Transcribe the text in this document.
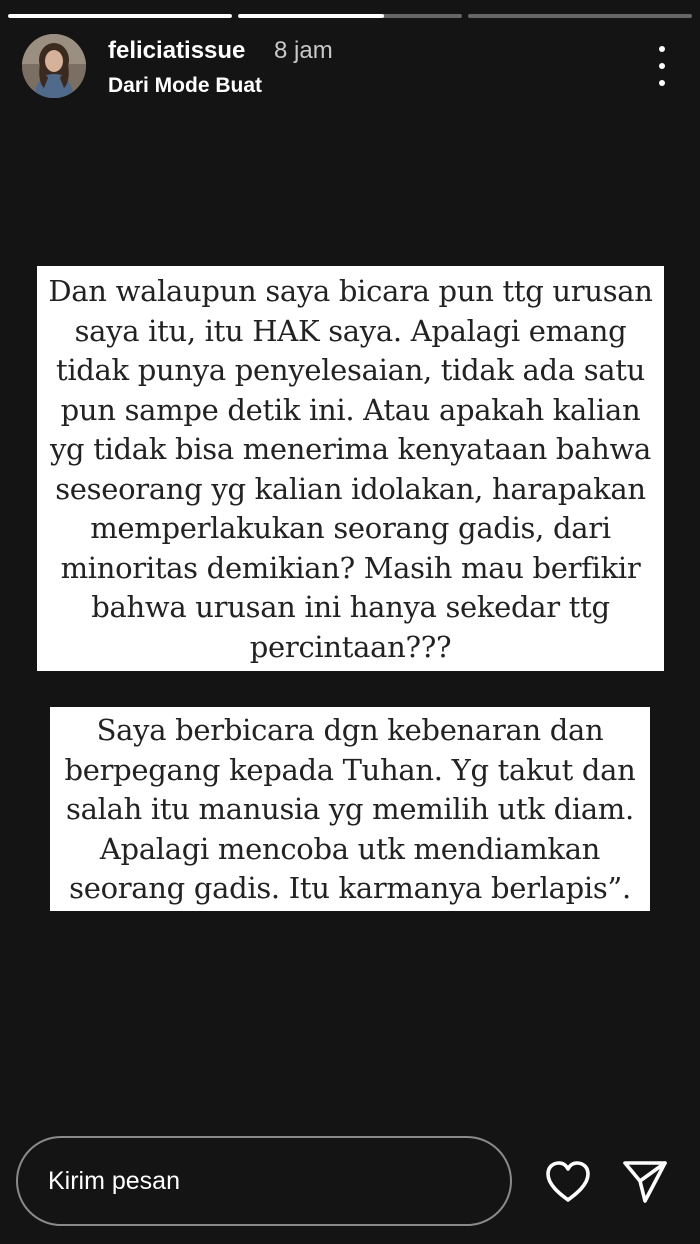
feliciatissue 8 jam
Dari Mode Buat
Dan walaupun saya bicara pun ttg urusan
saya itu, itu HAK saya. Apalagi emang
tidak punya penyelesaian, tidak ada satu
pun sampe detik ini. Atau apakah kalian
yg tidak bisa menerima kenyataan bahwa
seseorang yg kalian idolakan, harapakan
memperlakukan seorang gadis, dari
minoritas demikian? Masih mau berfikir
bahwa urusan ini hanya sekedar ttg
percintaan???
Saya berbicara dgn kebenaran dan
berpegang kepada Tuhan. Yg takut dan
salah itu manusia yg memilih utk diam.
Apalagi mencoba utk mendiamkan
seorang gadis. Itu karmanya berlapis”.
Kirim pesan
